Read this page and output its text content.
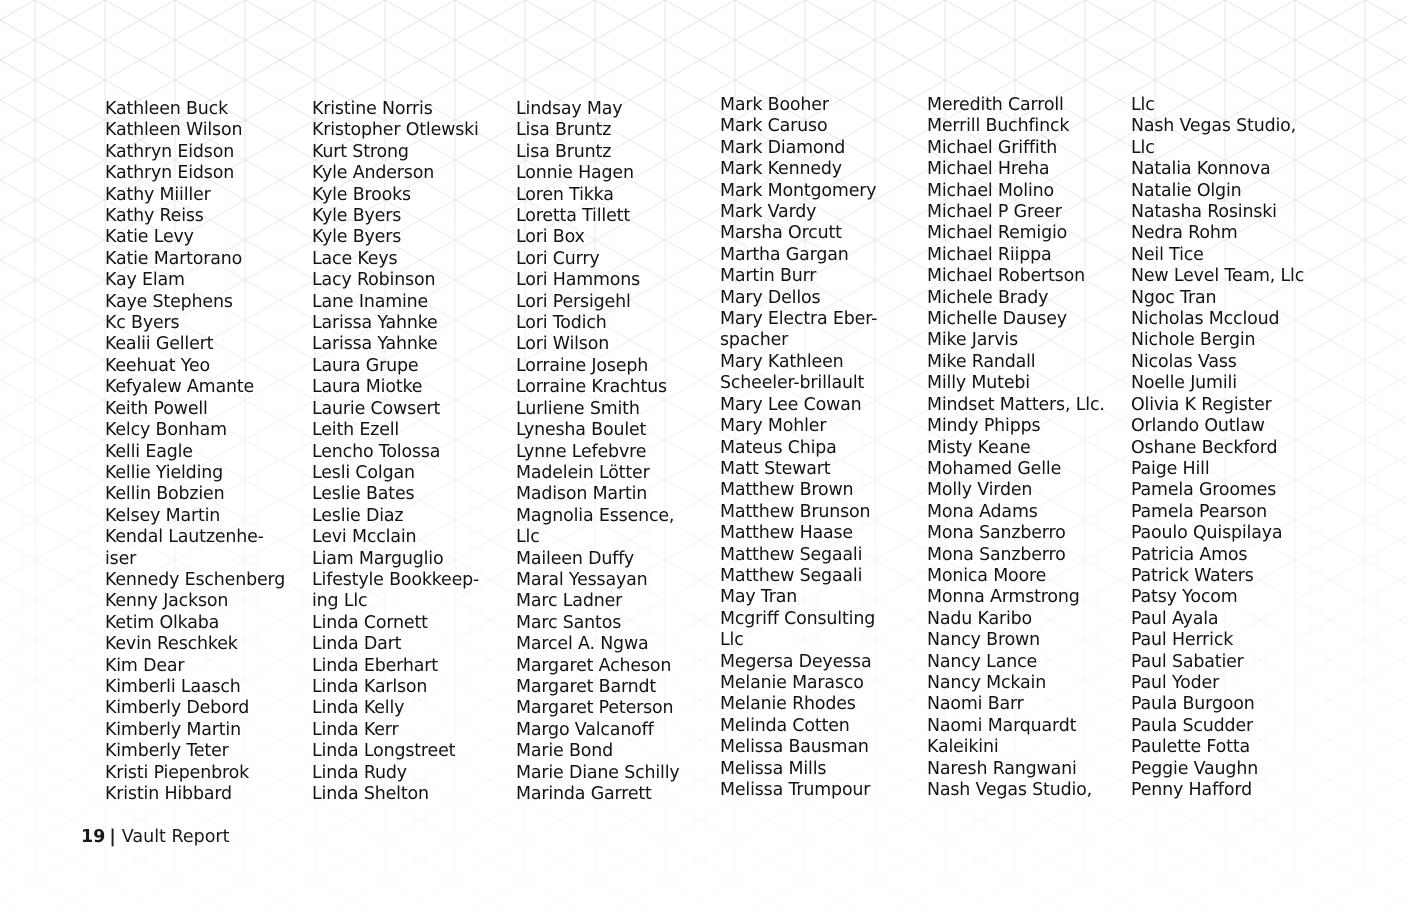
Kathleen Buck
Kathleen Wilson
Kathryn Eidson
Kathryn Eidson
Kathy Miiller
Kathy Reiss
Katie Levy
Katie Martorano
Kay Elam
Kaye Stephens
Kc Byers
Kealii Gellert
Keehuat Yeo
Kefyalew Amante
Keith Powell
Kelcy Bonham
Kelli Eagle
Kellie Yielding
Kellin Bobzien
Kelsey Martin
Kendal Lautzenhe-
iser
Kennedy Eschenberg
Kenny Jackson
Ketim Olkaba
Kevin Reschkek
Kim Dear
Kimberli Laasch
Kimberly Debord
Kimberly Martin
Kimberly Teter
Kristi Piepenbrok
Kristin Hibbard
Kristine Norris
Kristopher Otlewski
Kurt Strong
Kyle Anderson
Kyle Brooks
Kyle Byers
Kyle Byers
Lace Keys
Lacy Robinson
Lane Inamine
Larissa Yahnke
Larissa Yahnke
Laura Grupe
Laura Miotke
Laurie Cowsert
Leith Ezell
Lencho Tolossa
Lesli Colgan
Leslie Bates
Leslie Diaz
Levi Mcclain
Liam Marguglio
Lifestyle Bookkeep-
ing Llc
Linda Cornett
Linda Dart
Linda Eberhart
Linda Karlson
Linda Kelly
Linda Kerr
Linda Longstreet
Linda Rudy
Linda Shelton
Lindsay May
Lisa Bruntz
Lisa Bruntz
Lonnie Hagen
Loren Tikka
Loretta Tillett
Lori Box
Lori Curry
Lori Hammons
Lori Persigehl
Lori Todich
Lori Wilson
Lorraine Joseph
Lorraine Krachtus
Lurliene Smith
Lynesha Boulet
Lynne Lefebvre
Madelein Lötter
Madison Martin
Magnolia Essence,
Llc
Maileen Duffy
Maral Yessayan
Marc Ladner
Marc Santos
Marcel A. Ngwa
Margaret Acheson
Margaret Barndt
Margaret Peterson
Margo Valcanoff
Marie Bond
Marie Diane Schilly
Marinda Garrett
Mark Booher
Mark Caruso
Mark Diamond
Mark Kennedy
Mark Montgomery
Mark Vardy
Marsha Orcutt
Martha Gargan
Martin Burr
Mary Dellos
Mary Electra Eber-
spacher
Mary Kathleen
Scheeler-brillault
Mary Lee Cowan
Mary Mohler
Mateus Chipa
Matt Stewart
Matthew Brown
Matthew Brunson
Matthew Haase
Matthew Segaali
Matthew Segaali
May Tran
Mcgriff Consulting
Llc
Megersa Deyessa
Melanie Marasco
Melanie Rhodes
Melinda Cotten
Melissa Bausman
Melissa Mills
Melissa Trumpour
Meredith Carroll
Merrill Buchfinck
Michael Griffith
Michael Hreha
Michael Molino
Michael P Greer
Michael Remigio
Michael Riippa
Michael Robertson
Michele Brady
Michelle Dausey
Mike Jarvis
Mike Randall
Milly Mutebi
Mindset Matters, Llc.
Mindy Phipps
Misty Keane
Mohamed Gelle
Molly Virden
Mona Adams
Mona Sanzberro
Mona Sanzberro
Monica Moore
Monna Armstrong
Nadu Karibo
Nancy Brown
Nancy Lance
Nancy Mckain
Naomi Barr
Naomi Marquardt
Kaleikini
Naresh Rangwani
Nash Vegas Studio,
Llc
Nash Vegas Studio,
Llc
Natalia Konnova
Natalie Olgin
Natasha Rosinski
Nedra Rohm
Neil Tice
New Level Team, Llc
Ngoc Tran
Nicholas Mccloud
Nichole Bergin
Nicolas Vass
Noelle Jumili
Olivia K Register
Orlando Outlaw
Oshane Beckford
Paige Hill
Pamela Groomes
Pamela Pearson
Paoulo Quispilaya
Patricia Amos
Patrick Waters
Patsy Yocom
Paul Ayala
Paul Herrick
Paul Sabatier
Paul Yoder
Paula Burgoon
Paula Scudder
Paulette Fotta
Peggie Vaughn
Penny Hafford
19 | Vault Report
